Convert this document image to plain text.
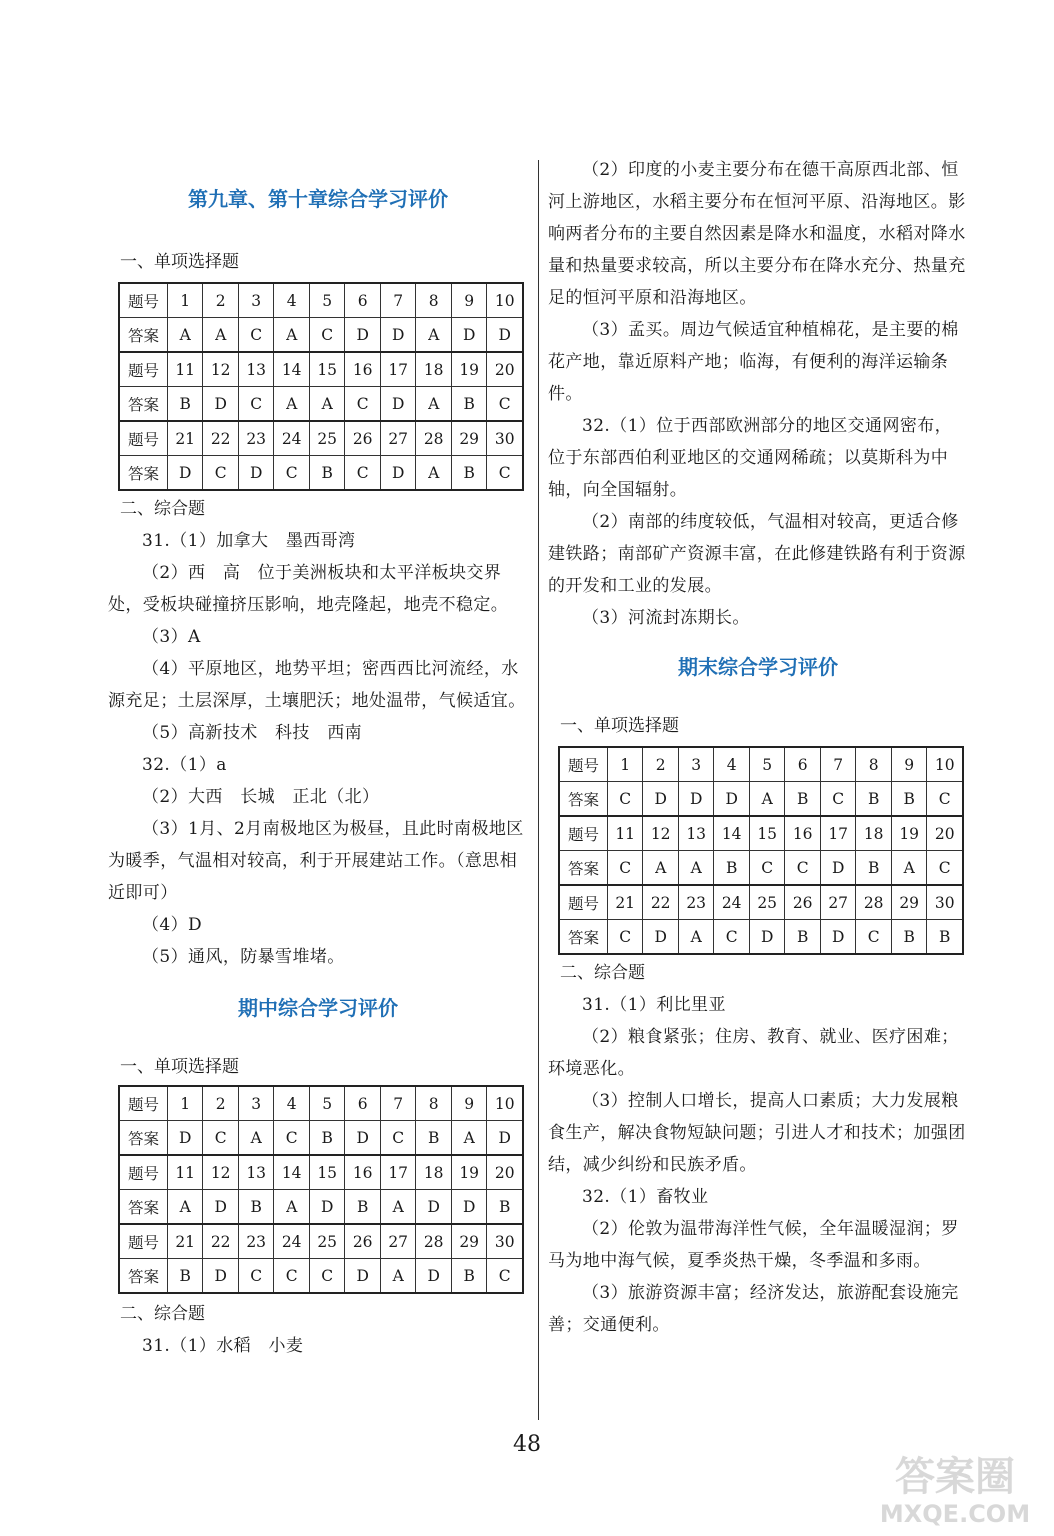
第九章、第十章综合学习评价
一、单项选择题
题号	1	2	3	4	5	6	7	8	9	10
答案	A	A	C	A	C	D	D	A	D	D
题号	11	12	13	14	15	16	17	18	19	20
答案	B	D	C	A	A	C	D	A	B	C
题号	21	22	23	24	25	26	27	28	29	30
答案	D	C	D	C	B	C	D	A	B	C
二、综合题
31.（1）加拿大　墨西哥湾
（2）西　高　位于美洲板块和太平洋板块交界处，受板块碰撞挤压影响，地壳隆起，地壳不稳定。
（3）A
（4）平原地区，地势平坦；密西西比河流经，水源充足；土层深厚，土壤肥沃；地处温带，气候适宜。
（5）高新技术　科技　西南
32.（1）a
（2）大西　长城　正北（北）
（3）1月、2月南极地区为极昼，且此时南极地区为暖季，气温相对较高，利于开展建站工作。（意思相近即可）
（4）D
（5）通风，防暴雪堆堵。
期中综合学习评价
一、单项选择题
题号	1	2	3	4	5	6	7	8	9	10
答案	D	C	A	C	B	D	C	B	A	D
题号	11	12	13	14	15	16	17	18	19	20
答案	A	D	B	A	D	B	A	D	D	B
题号	21	22	23	24	25	26	27	28	29	30
答案	B	D	C	C	C	D	A	D	B	C
二、综合题
31.（1）水稻　小麦
（2）印度的小麦主要分布在德干高原西北部、恒河上游地区，水稻主要分布在恒河平原、沿海地区。影响两者分布的主要自然因素是降水和温度，水稻对降水量和热量要求较高，所以主要分布在降水充分、热量充足的恒河平原和沿海地区。
（3）孟买。周边气候适宜种植棉花，是主要的棉花产地，靠近原料产地；临海，有便利的海洋运输条件。
32.（1）位于西部欧洲部分的地区交通网密布，位于东部西伯利亚地区的交通网稀疏；以莫斯科为中轴，向全国辐射。
（2）南部的纬度较低，气温相对较高，更适合修建铁路；南部矿产资源丰富，在此修建铁路有利于资源的开发和工业的发展。
（3）河流封冻期长。
期末综合学习评价
一、单项选择题
题号	1	2	3	4	5	6	7	8	9	10
答案	C	D	D	D	A	B	C	B	B	C
题号	11	12	13	14	15	16	17	18	19	20
答案	C	A	A	B	C	C	D	B	A	C
题号	21	22	23	24	25	26	27	28	29	30
答案	C	D	A	C	D	B	D	C	B	B
二、综合题
31.（1）利比里亚
（2）粮食紧张；住房、教育、就业、医疗困难；环境恶化。
（3）控制人口增长，提高人口素质；大力发展粮食生产，解决食物短缺问题；引进人才和技术；加强团结，减少纠纷和民族矛盾。
32.（1）畜牧业
（2）伦敦为温带海洋性气候，全年温暖湿润；罗马为地中海气候，夏季炎热干燥，冬季温和多雨。
（3）旅游资源丰富；经济发达，旅游配套设施完善；交通便利。
48
答案圈
MXQE.COM
